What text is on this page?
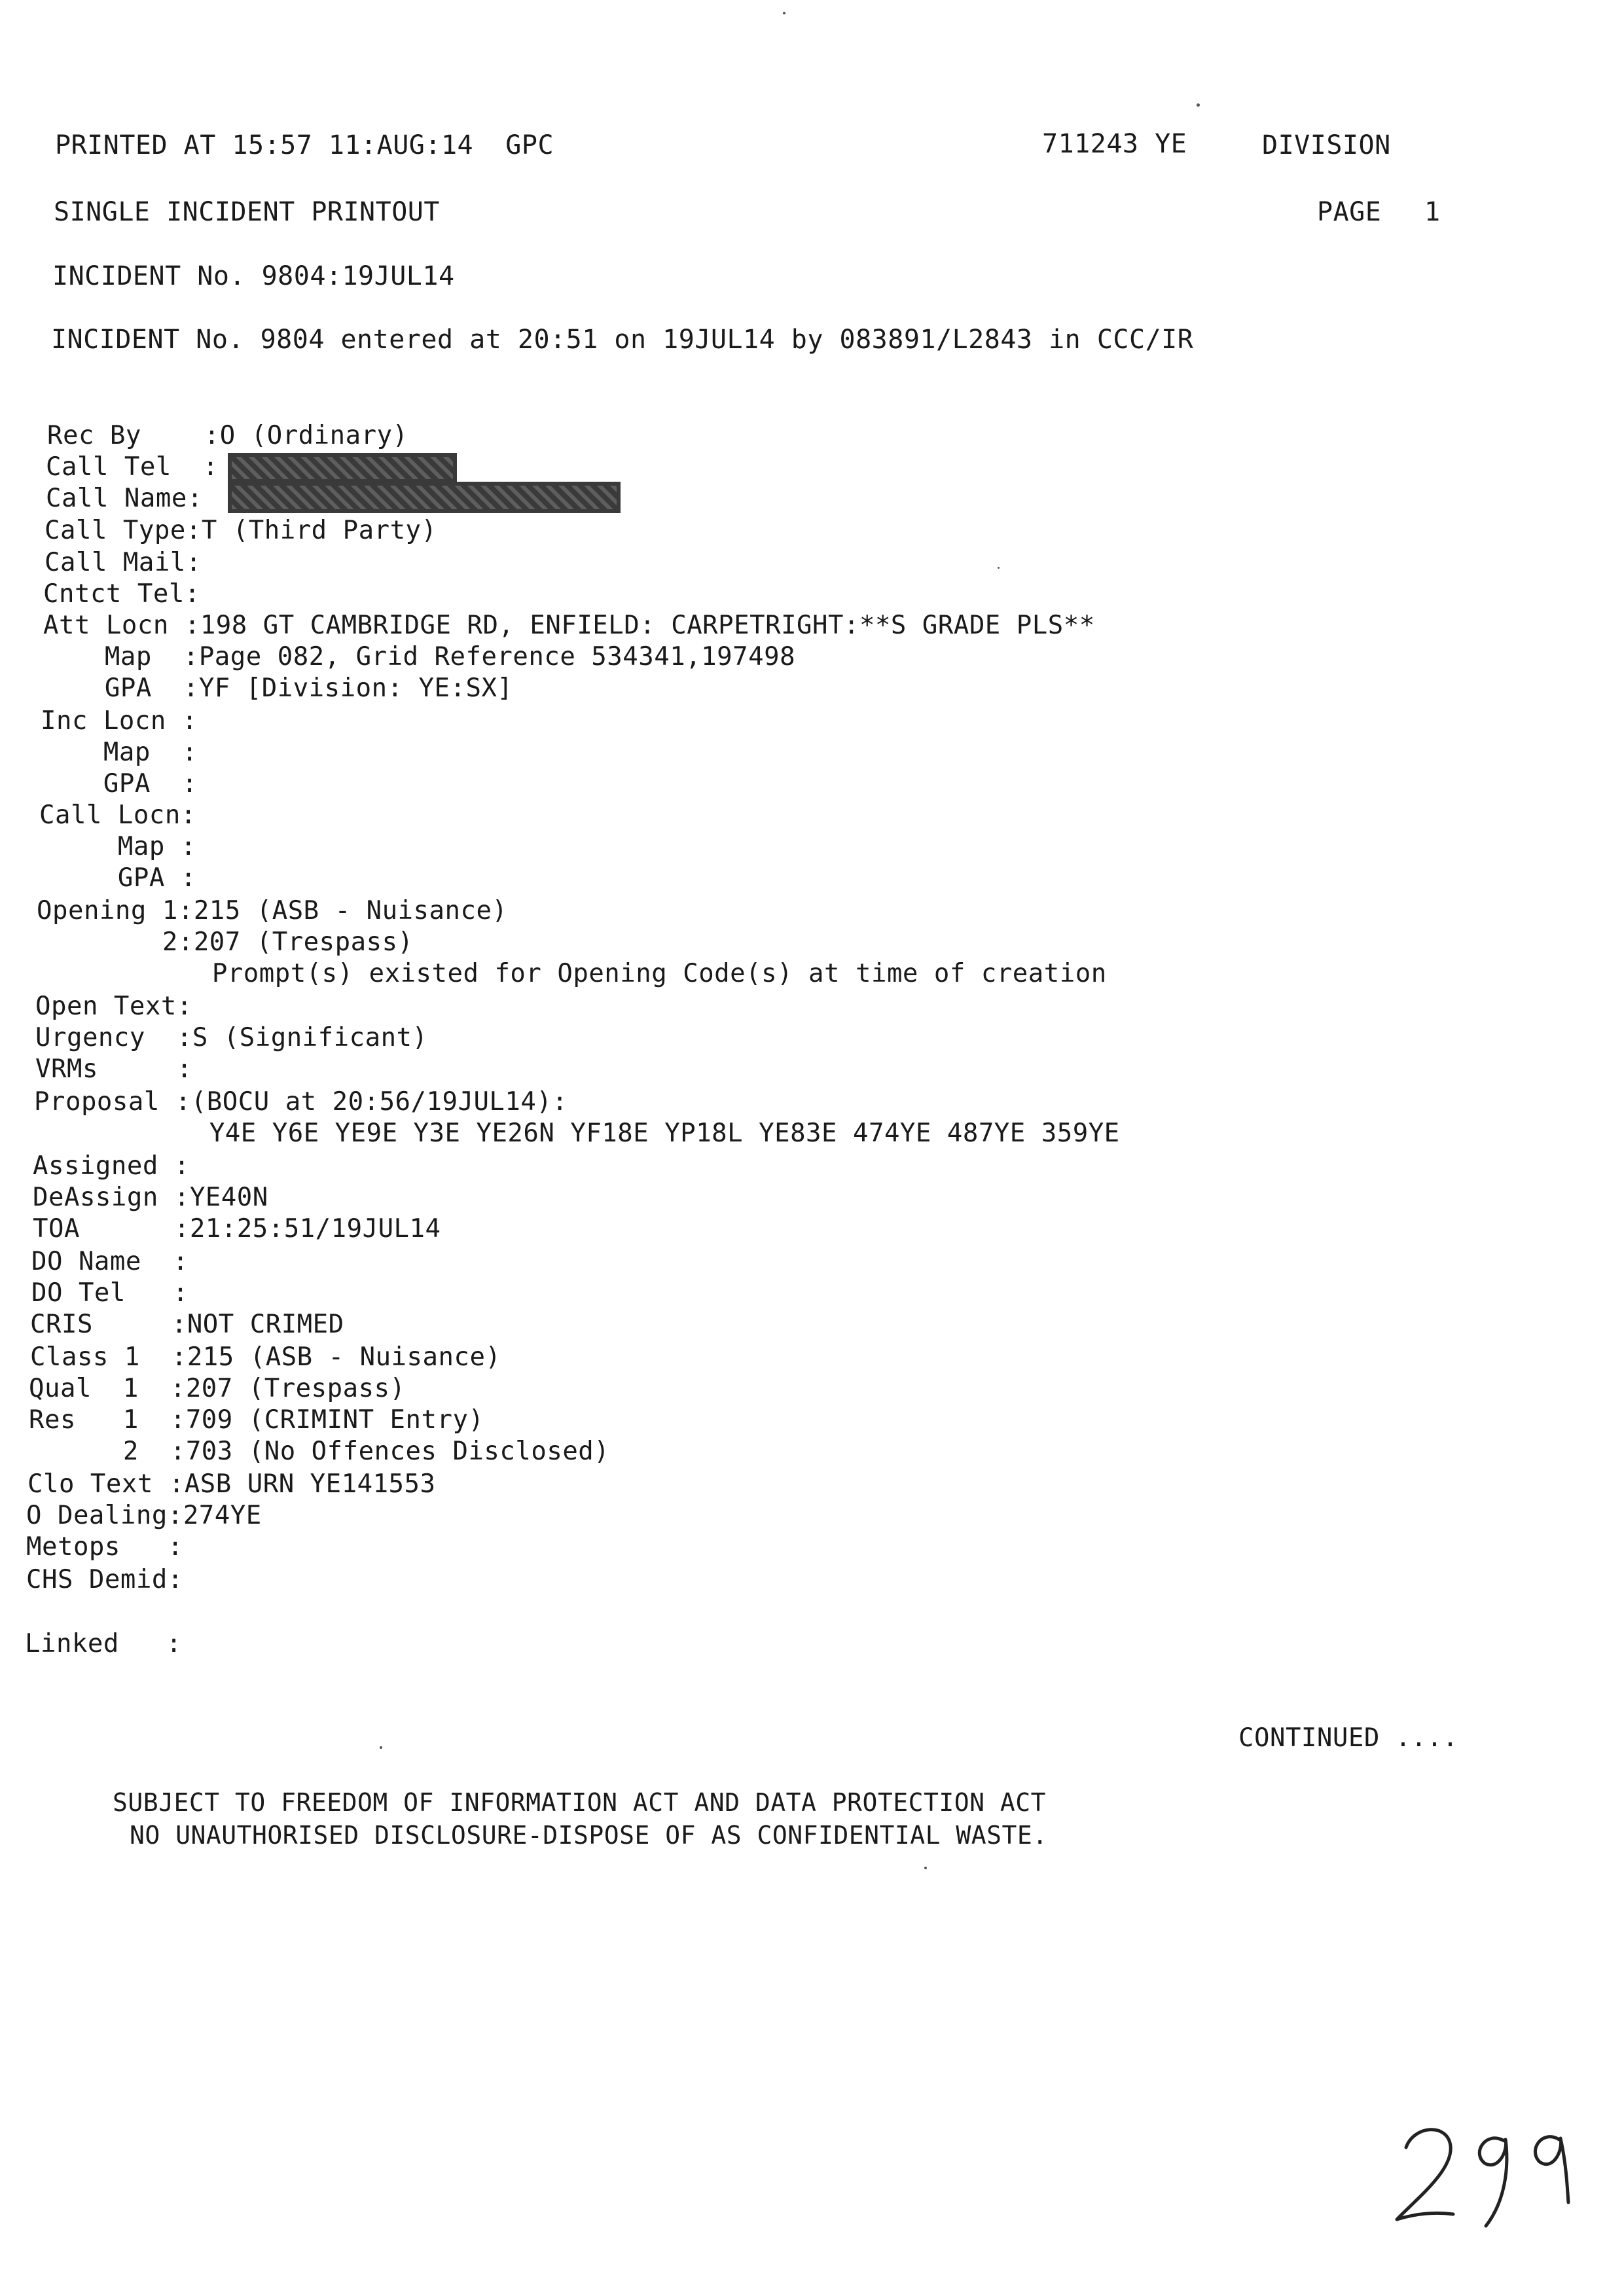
PRINTED AT 15:57 11:AUG:14  GPC	711243 YE	DIVISION
SINGLE INCIDENT PRINTOUT	PAGE 1
INCIDENT No. 9804:19JUL14
INCIDENT No. 9804 entered at 20:51 on 19JUL14 by 083891/L2843 in CCC/IR
Rec By    :O (Ordinary)
Call Tel  :
Call Name:
Call Type:T (Third Party)
Call Mail:
Cntct Tel:
Att Locn :198 GT CAMBRIDGE RD, ENFIELD: CARPETRIGHT:**S GRADE PLS**
Map  :Page 082, Grid Reference 534341,197498
GPA  :YF [Division: YE:SX]
Inc Locn :
Map  :
GPA  :
Call Locn:
Map :
GPA :
Opening 1:215 (ASB - Nuisance)
2:207 (Trespass)
Prompt(s) existed for Opening Code(s) at time of creation
Open Text:
Urgency  :S (Significant)
VRMs     :
Proposal :(BOCU at 20:56/19JUL14):
Y4E Y6E YE9E Y3E YE26N YF18E YP18L YE83E 474YE 487YE 359YE
Assigned :
DeAssign :YE40N
TOA      :21:25:51/19JUL14
DO Name  :
DO Tel   :
CRIS     :NOT CRIMED
Class 1  :215 (ASB - Nuisance)
Qual  1  :207 (Trespass)
Res   1  :709 (CRIMINT Entry)
2  :703 (No Offences Disclosed)
Clo Text :ASB URN YE141553
O Dealing:274YE
Metops   :
CHS Demid:
Linked   :
CONTINUED ....
SUBJECT TO FREEDOM OF INFORMATION ACT AND DATA PROTECTION ACT
NO UNAUTHORISED DISCLOSURE-DISPOSE OF AS CONFIDENTIAL WASTE.
